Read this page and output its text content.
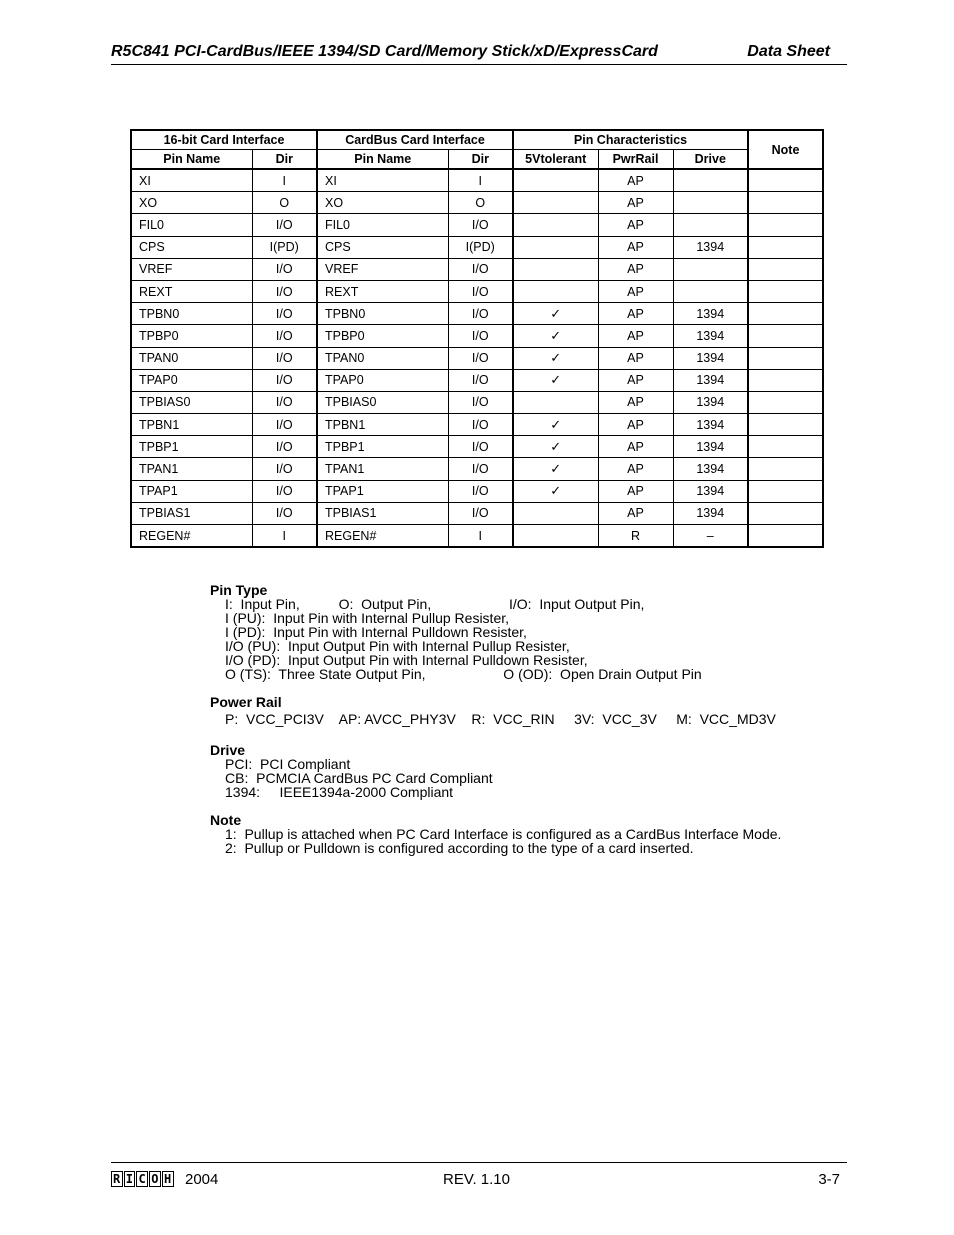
R5C841 PCI-CardBus/IEEE 1394/SD Card/Memory Stick/xD/ExpressCard	Data Sheet
16-bit Card Interface		CardBus Card Interface		Pin Characteristics			Note
Pin Name	Dir	Pin Name	Dir	5Vtolerant	PwrRail	Drive	
XI	I	XI	I		AP		
XO	O	XO	O		AP		
FIL0	I/O	FIL0	I/O		AP		
CPS	I(PD)	CPS	I(PD)		AP	1394	
VREF	I/O	VREF	I/O		AP		
REXT	I/O	REXT	I/O		AP		
TPBN0	I/O	TPBN0	I/O	✓	AP	1394	
TPBP0	I/O	TPBP0	I/O	✓	AP	1394	
TPAN0	I/O	TPAN0	I/O	✓	AP	1394	
TPAP0	I/O	TPAP0	I/O	✓	AP	1394	
TPBIAS0	I/O	TPBIAS0	I/O		AP	1394	
TPBN1	I/O	TPBN1	I/O	✓	AP	1394	
TPBP1	I/O	TPBP1	I/O	✓	AP	1394	
TPAN1	I/O	TPAN1	I/O	✓	AP	1394	
TPAP1	I/O	TPAP1	I/O	✓	AP	1394	
TPBIAS1	I/O	TPBIAS1	I/O		AP	1394	
REGEN#	I	REGEN#	I		R	–	
Pin Type
I:  Input Pin,          O:  Output Pin,                    I/O:  Input Output Pin,
I (PU):  Input Pin with Internal Pullup Resister,
I (PD):  Input Pin with Internal Pulldown Resister,
I/O (PU):  Input Output Pin with Internal Pullup Resister,
I/O (PD):  Input Output Pin with Internal Pulldown Resister,
O (TS):  Three State Output Pin,                    O (OD):  Open Drain Output Pin
Power Rail
P:  VCC_PCI3V    AP: AVCC_PHY3V    R:  VCC_RIN     3V:  VCC_3V     M:  VCC_MD3V
Drive
PCI:  PCI Compliant
CB:  PCMCIA CardBus PC Card Compliant
1394:     IEEE1394a-2000 Compliant
Note
1:  Pullup is attached when PC Card Interface is configured as a CardBus Interface Mode.
2:  Pullup or Pulldown is configured according to the type of a card inserted.
R I C O H 2004	REV. 1.10	3-7
